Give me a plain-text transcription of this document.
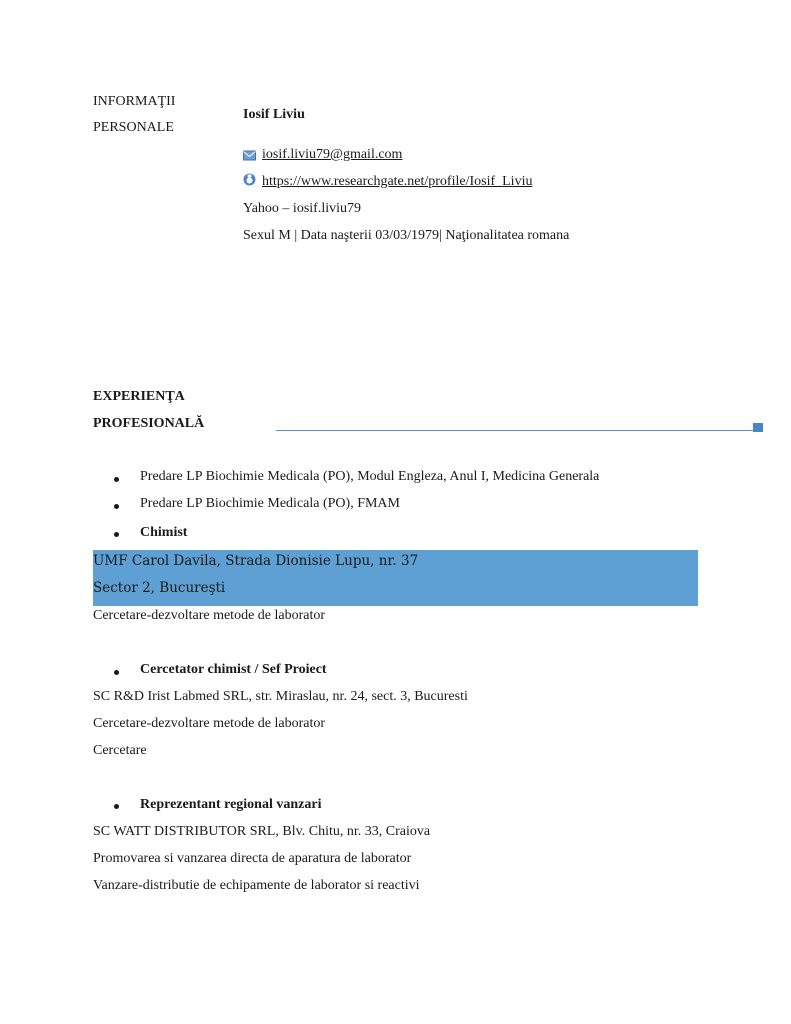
INFORMAŢII
PERSONALE
Iosif Liviu
iosif.liviu79@gmail.com
https://www.researchgate.net/profile/Iosif_Liviu
Yahoo – iosif.liviu79
Sexul M | Data naşterii 03/03/1979| Naţionalitatea romana
EXPERIENŢA
PROFESIONALĂ
Predare LP Biochimie Medicala (PO), Modul Engleza, Anul I, Medicina Generala
Predare LP Biochimie Medicala (PO), FMAM
Chimist
UMF Carol Davila, Strada Dionisie Lupu, nr. 37
Sector 2, Bucureşti
Cercetare-dezvoltare metode de laborator
Cercetator chimist / Sef Proiect
SC R&D Irist Labmed SRL, str. Miraslau, nr. 24, sect. 3, Bucuresti
Cercetare-dezvoltare metode de laborator
Cercetare
Reprezentant regional vanzari
SC WATT DISTRIBUTOR SRL, Blv. Chitu, nr. 33, Craiova
Promovarea si vanzarea directa de aparatura de laborator
Vanzare-distributie de echipamente de laborator si reactivi
